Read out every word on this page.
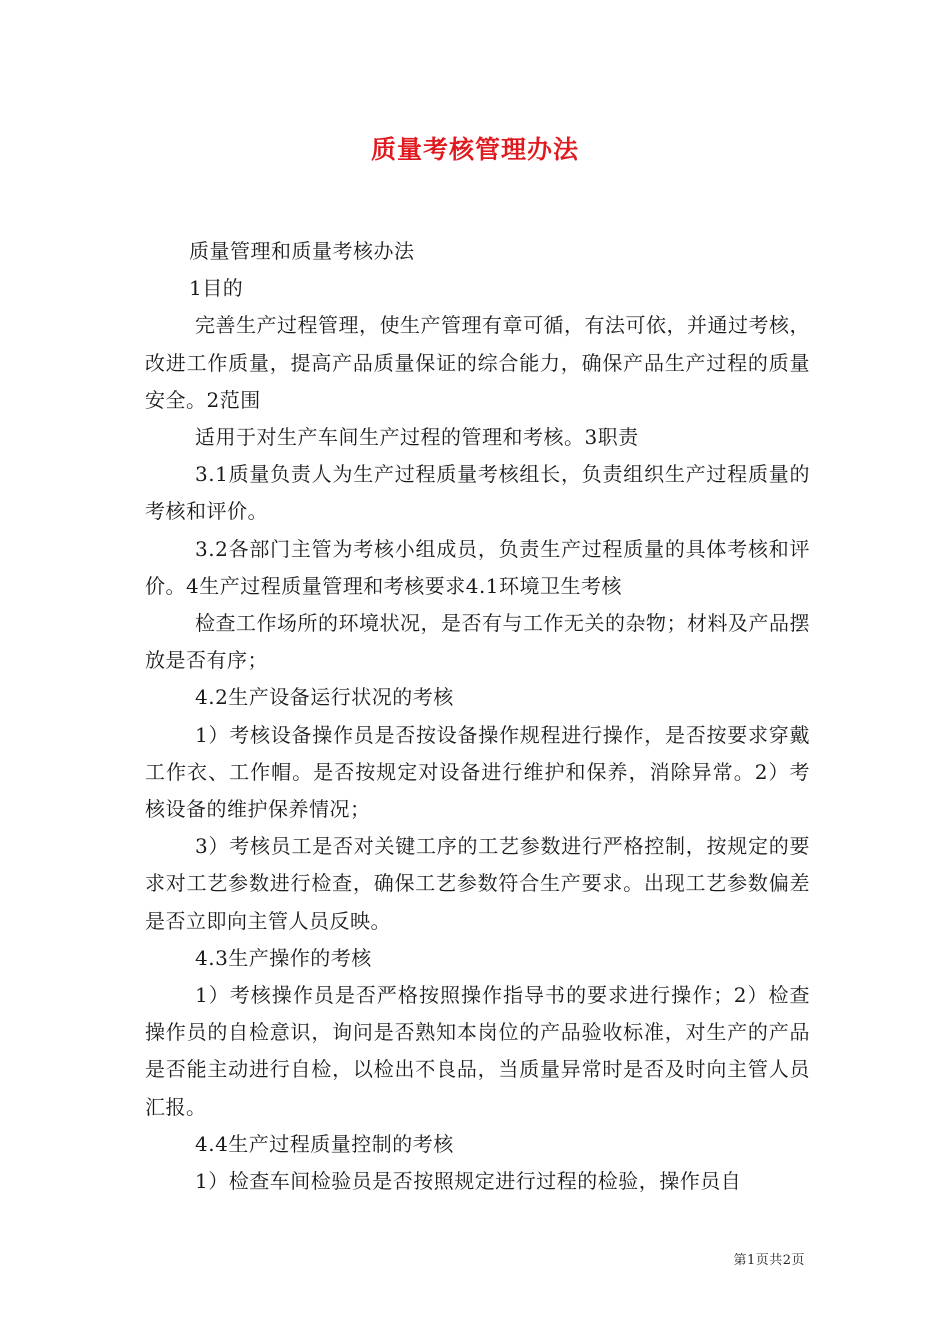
质量考核管理办法

质量管理和质量考核办法

1目的

完善生产过程管理，使生产管理有章可循，有法可依，并通过考核，改进工作质量，提高产品质量保证的综合能力，确保产品生产过程的质量安全。2范围

适用于对生产车间生产过程的管理和考核。3职责

3.1质量负责人为生产过程质量考核组长，负责组织生产过程质量的考核和评价。

3.2各部门主管为考核小组成员，负责生产过程质量的具体考核和评价。4生产过程质量管理和考核要求4.1环境卫生考核

检查工作场所的环境状况，是否有与工作无关的杂物；材料及产品摆放是否有序；

4.2生产设备运行状况的考核

1）考核设备操作员是否按设备操作规程进行操作，是否按要求穿戴工作衣、工作帽。是否按规定对设备进行维护和保养，消除异常。2）考核设备的维护保养情况；

3）考核员工是否对关键工序的工艺参数进行严格控制，按规定的要求对工艺参数进行检查，确保工艺参数符合生产要求。出现工艺参数偏差是否立即向主管人员反映。

4.3生产操作的考核

1）考核操作员是否严格按照操作指导书的要求进行操作；2）检查操作员的自检意识，询问是否熟知本岗位的产品验收标准，对生产的产品是否能主动进行自检，以检出不良品，当质量异常时是否及时向主管人员汇报。

4.4生产过程质量控制的考核

1）检查车间检验员是否按照规定进行过程的检验，操作员自

第1页共2页
